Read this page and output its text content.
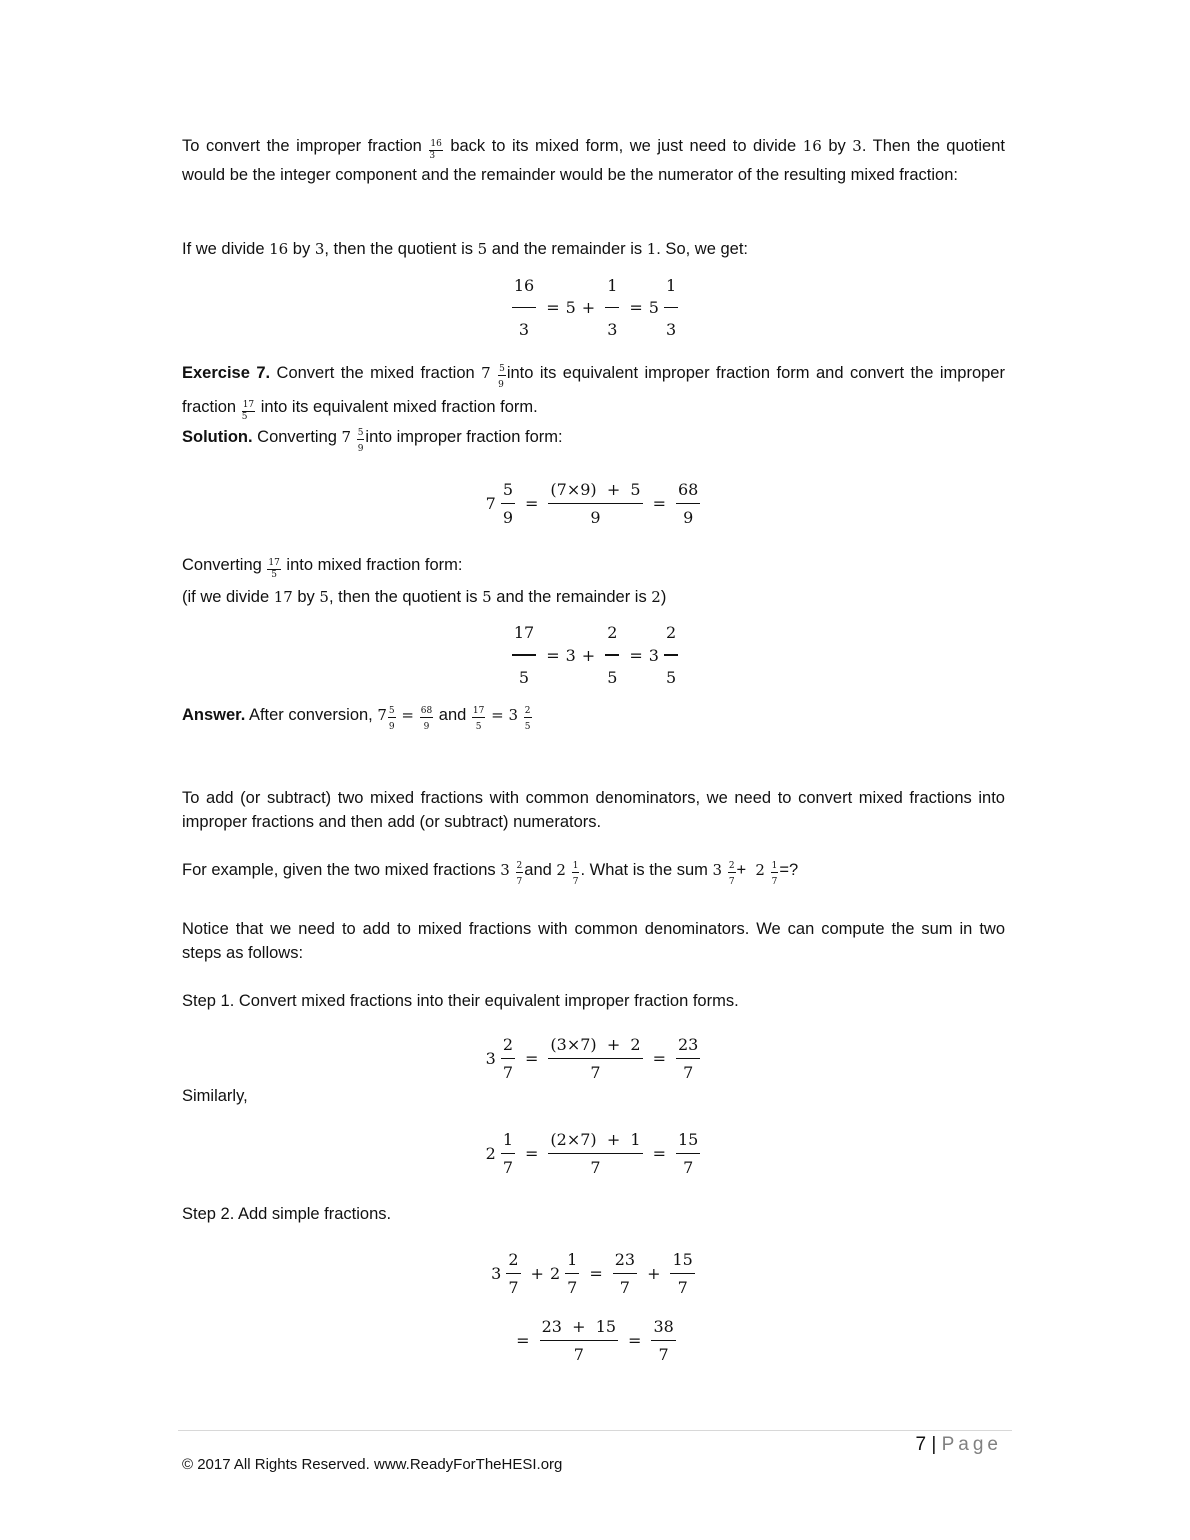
To convert the improper fraction $\frac{16}{3}$ back to its mixed form, we just need to divide 16 by 3. Then the quotient would be the integer component and the remainder would be the numerator of the resulting mixed fraction:
If we divide 16 by 3, then the quotient is 5 and the remainder is 1. So, we get:
$\frac{16}{3} = 5 + \frac{1}{3} = 5 \frac{1}{3}$
Exercise 7. Convert the mixed fraction $7 \frac{5}{9}$ into its equivalent improper fraction form and convert the improper fraction $\frac{17}{5}$ into its equivalent mixed fraction form.
Solution. Converting $7 \frac{5}{9}$ into improper fraction form:
$7 \frac{5}{9} = \frac{(7\times 9) + 5}{9} = \frac{68}{9}$
Converting $\frac{17}{5}$ into mixed fraction form:
(if we divide 17 by 5, then the quotient is 5 and the remainder is 2)
$\frac{17}{5} = 3 + \frac{2}{5} = 3 \frac{2}{5}$
Answer. After conversion, $7 \frac{5}{9} = \frac{68}{9}$ and $\frac{17}{5} = 3 \frac{2}{5}$
To add (or subtract) two mixed fractions with common denominators, we need to convert mixed fractions into improper fractions and then add (or subtract) numerators.
For example, given the two mixed fractions $3 \frac{2}{7}$ and $2 \frac{1}{7}$ . What is the sum $3 \frac{2}{7} + 2 \frac{1}{7}$ =?
Notice that we need to add to mixed fractions with common denominators. We can compute the sum in two steps as follows:
Step 1. Convert mixed fractions into their equivalent improper fraction forms.
$3 \frac{2}{7} = \frac{(3\times 7) + 2}{7} = \frac{23}{7}$
Similarly,
$2 \frac{1}{7} = \frac{(2\times 7) + 1}{7} = \frac{15}{7}$
Step 2. Add simple fractions.
$3 \frac{2}{7} + 2 \frac{1}{7} = \frac{23}{7} + \frac{15}{7}$
= $\frac{23 + 15}{7} = \frac{38}{7}$
7 | Page
© 2017 All Rights Reserved. www.ReadyForTheHESI.org
